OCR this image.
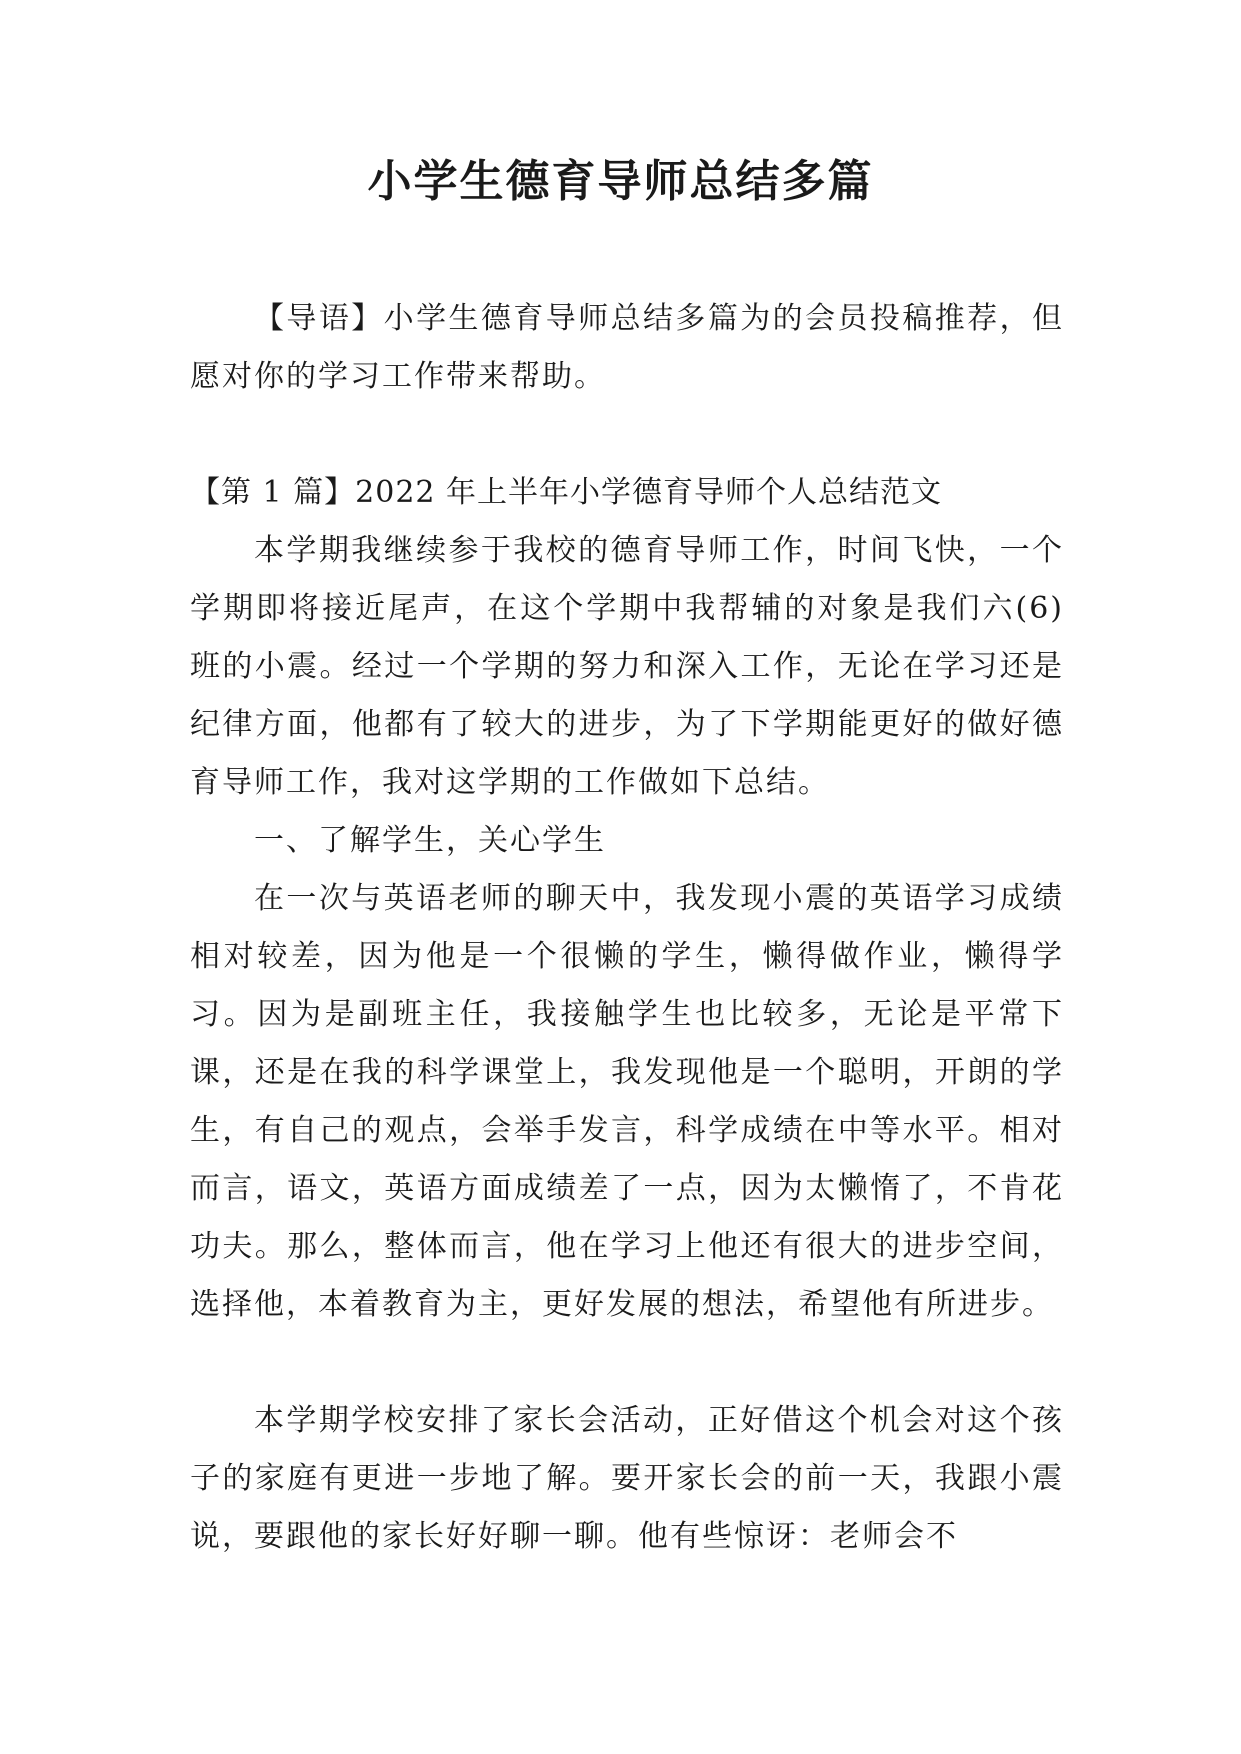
小学生德育导师总结多篇

【导语】小学生德育导师总结多篇为的会员投稿推荐，但愿对你的学习工作带来帮助。

【第 1 篇】2022 年上半年小学德育导师个人总结范文

本学期我继续参于我校的德育导师工作，时间飞快，一个学期即将接近尾声，在这个学期中我帮辅的对象是我们六(6)班的小震。经过一个学期的努力和深入工作，无论在学习还是纪律方面，他都有了较大的进步，为了下学期能更好的做好德育导师工作，我对这学期的工作做如下总结。

一、了解学生，关心学生

在一次与英语老师的聊天中，我发现小震的英语学习成绩相对较差，因为他是一个很懒的学生，懒得做作业，懒得学习。因为是副班主任，我接触学生也比较多，无论是平常下课，还是在我的科学课堂上，我发现他是一个聪明，开朗的学生，有自己的观点，会举手发言，科学成绩在中等水平。相对而言，语文，英语方面成绩差了一点，因为太懒惰了，不肯花功夫。那么，整体而言，他在学习上他还有很大的进步空间，选择他，本着教育为主，更好发展的想法，希望他有所进步。

本学期学校安排了家长会活动，正好借这个机会对这个孩子的家庭有更进一步地了解。要开家长会的前一天，我跟小震说，要跟他的家长好好聊一聊。他有些惊讶：老师会不
